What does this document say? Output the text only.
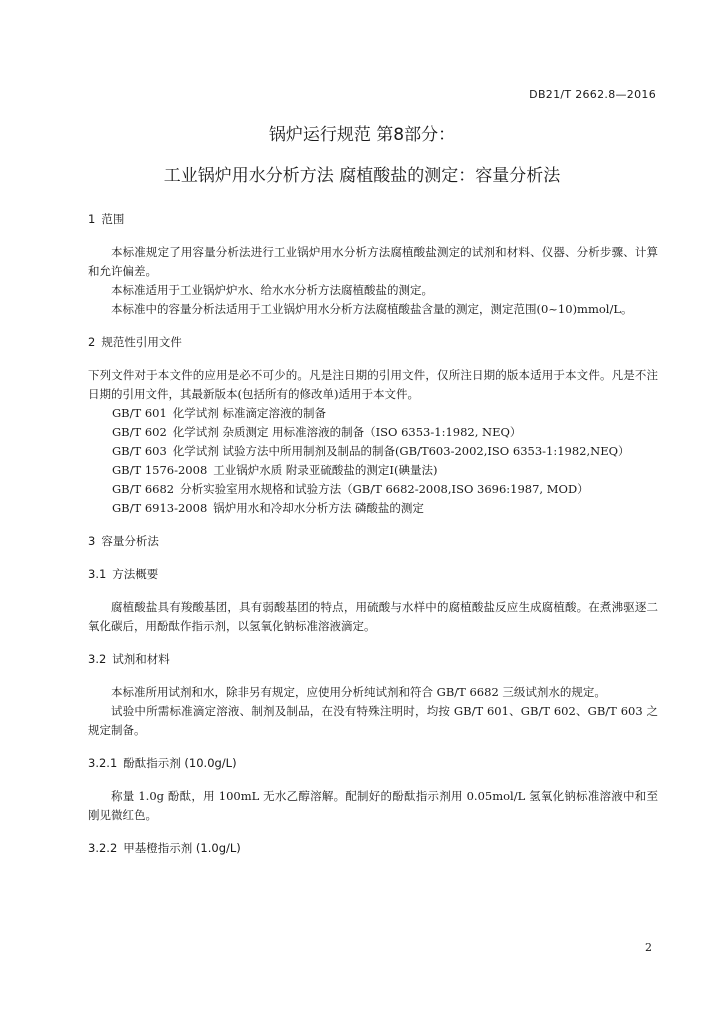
DB21/T 2662.8—2016
锅炉运行规范 第8部分：
工业锅炉用水分析方法 腐植酸盐的测定：容量分析法

1 范围

本标准规定了用容量分析法进行工业锅炉用水分析方法腐植酸盐测定的试剂和材料、仪器、分析步骤、计算和允许偏差。

本标准适用于工业锅炉炉水、给水水分析方法腐植酸盐的测定。

本标准中的容量分析法适用于工业锅炉用水分析方法腐植酸盐含量的测定，测定范围(0~10)mmol/L。

2 规范性引用文件

下列文件对于本文件的应用是必不可少的。凡是注日期的引用文件，仅所注日期的版本适用于本文件。凡是不注日期的引用文件，其最新版本(包括所有的修改单)适用于本文件。

GB/T 601 化学试剂 标准滴定溶液的制备

GB/T 602 化学试剂 杂质测定 用标准溶液的制备（ISO 6353-1:1982, NEQ）

GB/T 603 化学试剂 试验方法中所用制剂及制品的制备(GB/T603-2002,ISO 6353-1:1982,NEQ）

GB/T 1576-2008 工业锅炉水质 附录亚硫酸盐的测定Ⅰ(碘量法)

GB/T 6682 分析实验室用水规格和试验方法（GB/T 6682-2008,ISO 3696:1987, MOD）

GB/T 6913-2008 锅炉用水和冷却水分析方法 磷酸盐的测定

3 容量分析法

3.1 方法概要

腐植酸盐具有羧酸基团，具有弱酸基团的特点，用硫酸与水样中的腐植酸盐反应生成腐植酸。在煮沸驱逐二氧化碳后，用酚酞作指示剂，以氢氧化钠标准溶液滴定。

3.2 试剂和材料

本标准所用试剂和水，除非另有规定，应使用分析纯试剂和符合 GB/T 6682 三级试剂水的规定。

试验中所需标准滴定溶液、制剂及制品，在没有特殊注明时，均按 GB/T 601、GB/T 602、GB/T 603 之规定制备。

3.2.1 酚酞指示剂 (10.0g/L)

称量 1.0g 酚酞，用 100mL 无水乙醇溶解。配制好的酚酞指示剂用 0.05mol/L 氢氧化钠标准溶液中和至刚见微红色。

3.2.2 甲基橙指示剂 (1.0g/L)

2
